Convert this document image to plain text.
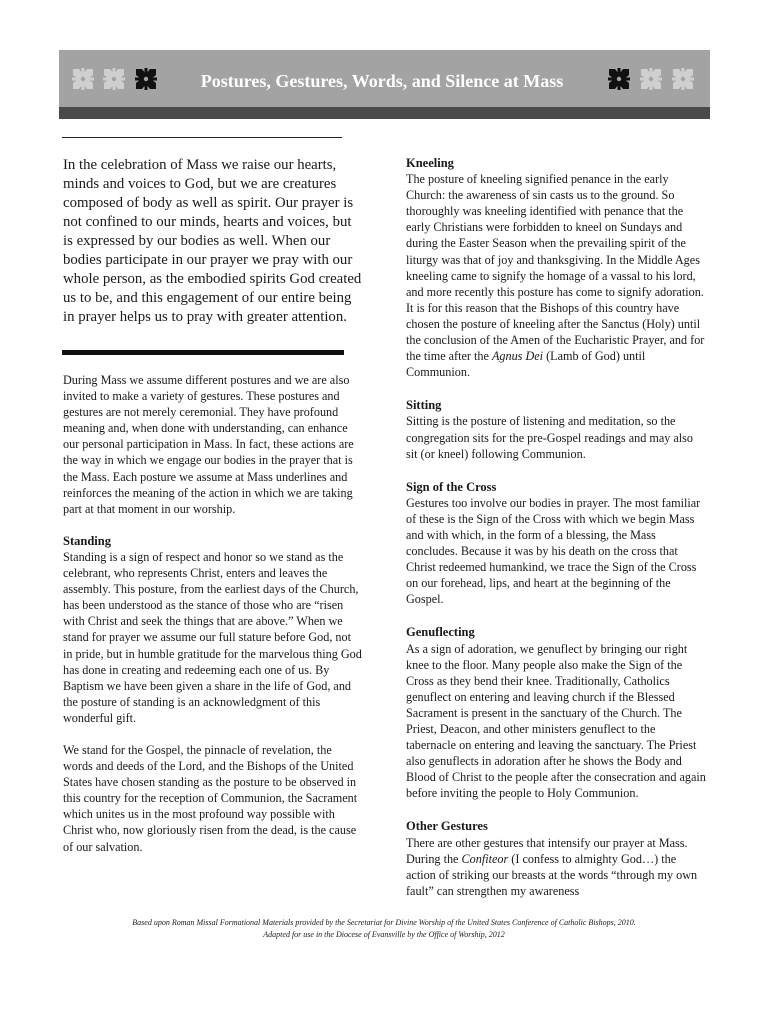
Postures, Gestures, Words, and Silence at Mass

In the celebration of Mass we raise our hearts, minds and voices to God, but we are creatures composed of body as well as spirit. Our prayer is not confined to our minds, hearts and voices, but is expressed by our bodies as well. When our bodies participate in our prayer we pray with our whole person, as the embodied spirits God created us to be, and this engagement of our entire being in prayer helps us to pray with greater attention.

During Mass we assume different postures and we are also invited to make a variety of gestures. These postures and gestures are not merely ceremonial. They have profound meaning and, when done with understanding, can enhance our personal participation in Mass. In fact, these actions are the way in which we engage our bodies in the prayer that is the Mass. Each posture we assume at Mass underlines and reinforces the meaning of the action in which we are taking part at that moment in our worship.

Standing

Standing is a sign of respect and honor so we stand as the celebrant, who represents Christ, enters and leaves the assembly. This posture, from the earliest days of the Church, has been understood as the stance of those who are “risen with Christ and seek the things that are above.” When we stand for prayer we assume our full stature before God, not in pride, but in humble gratitude for the marvelous thing God has done in creating and redeeming each one of us. By Baptism we have been given a share in the life of God, and the posture of standing is an acknowledgment of this wonderful gift.

We stand for the Gospel, the pinnacle of revelation, the words and deeds of the Lord, and the Bishops of the United States have chosen standing as the posture to be observed in this country for the reception of Communion, the Sacrament which unites us in the most profound way possible with Christ who, now gloriously risen from the dead, is the cause of our salvation.

Kneeling

The posture of kneeling signified penance in the early Church: the awareness of sin casts us to the ground. So thoroughly was kneeling identified with penance that the early Christians were forbidden to kneel on Sundays and during the Easter Season when the prevailing spirit of the liturgy was that of joy and thanksgiving. In the Middle Ages kneeling came to signify the homage of a vassal to his lord, and more recently this posture has come to signify adoration. It is for this reason that the Bishops of this country have chosen the posture of kneeling after the Sanctus (Holy) until the conclusion of the Amen of the Eucharistic Prayer, and for the time after the Agnus Dei (Lamb of God) until Communion.

Sitting

Sitting is the posture of listening and meditation, so the congregation sits for the pre-Gospel readings and may also sit (or kneel) following Communion.

Sign of the Cross

Gestures too involve our bodies in prayer. The most familiar of these is the Sign of the Cross with which we begin Mass and with which, in the form of a blessing, the Mass concludes. Because it was by his death on the cross that Christ redeemed humankind, we trace the Sign of the Cross on our forehead, lips, and heart at the beginning of the Gospel.

Genuflecting

As a sign of adoration, we genuflect by bringing our right knee to the floor. Many people also make the Sign of the Cross as they bend their knee. Traditionally, Catholics genuflect on entering and leaving church if the Blessed Sacrament is present in the sanctuary of the Church. The Priest, Deacon, and other ministers genuflect to the tabernacle on entering and leaving the sanctuary. The Priest also genuflects in adoration after he shows the Body and Blood of Christ to the people after the consecration and again before inviting the people to Holy Communion.

Other Gestures

There are other gestures that intensify our prayer at Mass. During the Confiteor (I confess to almighty God…) the action of striking our breasts at the words “through my own fault” can strengthen my awareness

Based upon Roman Missal Formational Materials provided by the Secretariat for Divine Worship of the United States Conference of Catholic Bishops, 2010.
Adapted for use in the Diocese of Evansville by the Office of Worship, 2012
